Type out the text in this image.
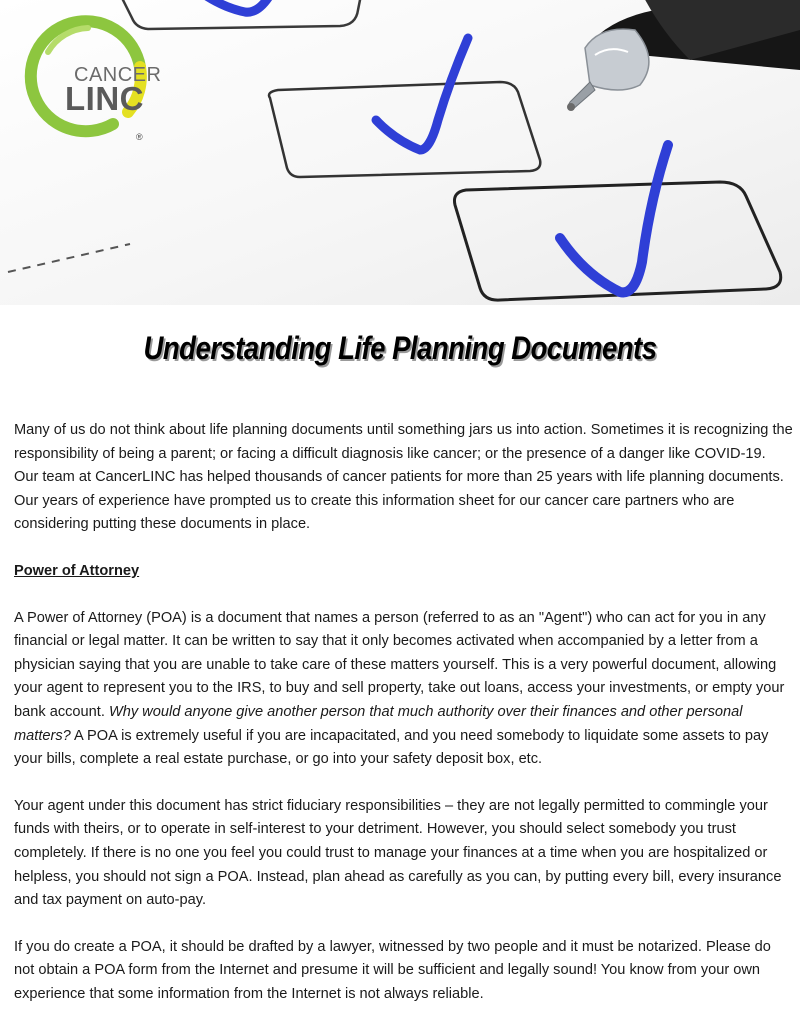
CANCER
LINC
®
Understanding Life Planning Documents

Many of us do not think about life planning documents until something jars us into action. Sometimes it is recognizing the responsibility of being a parent; or facing a difficult diagnosis like cancer; or the presence of a danger like COVID-19. Our team at CancerLINC has helped thousands of cancer patients for more than 25 years with life planning documents. Our years of experience have prompted us to create this information sheet for our cancer care partners who are considering putting these documents in place.

Power of Attorney

A Power of Attorney (POA) is a document that names a person (referred to as an "Agent") who can act for you in any financial or legal matter. It can be written to say that it only becomes activated when accompanied by a letter from a physician saying that you are unable to take care of these matters yourself. This is a very powerful document, allowing your agent to represent you to the IRS, to buy and sell property, take out loans, access your investments, or empty your bank account. Why would anyone give another person that much authority over their finances and other personal matters? A POA is extremely useful if you are incapacitated, and you need somebody to liquidate some assets to pay your bills, complete a real estate purchase, or go into your safety deposit box, etc.

Your agent under this document has strict fiduciary responsibilities – they are not legally permitted to commingle your funds with theirs, or to operate in self-interest to your detriment. However, you should select somebody you trust completely. If there is no one you feel you could trust to manage your finances at a time when you are hospitalized or helpless, you should not sign a POA. Instead, plan ahead as carefully as you can, by putting every bill, every insurance and tax payment on auto-pay.

If you do create a POA, it should be drafted by a lawyer, witnessed by two people and it must be notarized. Please do not obtain a POA form from the Internet and presume it will be sufficient and legally sound! You know from your own experience that some information from the Internet is not always reliable.
